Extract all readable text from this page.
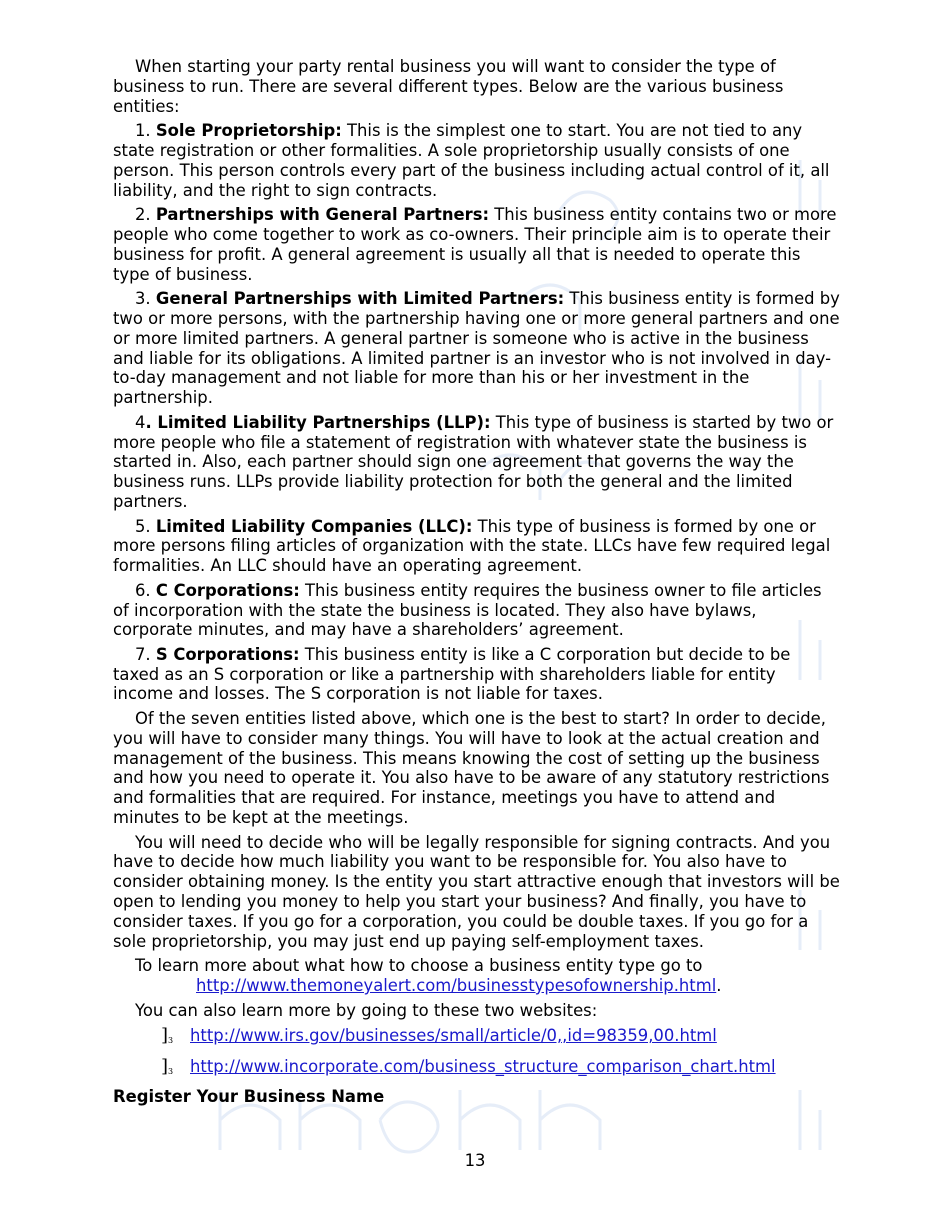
When starting your party rental business you will want to consider the type of business to run. There are several different types. Below are the various business entities:

1. Sole Proprietorship: This is the simplest one to start. You are not tied to any state registration or other formalities. A sole proprietorship usually consists of one person. This person controls every part of the business including actual control of it, all liability, and the right to sign contracts.

2. Partnerships with General Partners: This business entity contains two or more people who come together to work as co-owners. Their principle aim is to operate their business for profit. A general agreement is usually all that is needed to operate this type of business.

3. General Partnerships with Limited Partners: This business entity is formed by two or more persons, with the partnership having one or more general partners and one or more limited partners. A general partner is someone who is active in the business and liable for its obligations. A limited partner is an investor who is not involved in day-to-day management and not liable for more than his or her investment in the partnership.

4. Limited Liability Partnerships (LLP): This type of business is started by two or more people who file a statement of registration with whatever state the business is started in. Also, each partner should sign one agreement that governs the way the business runs. LLPs provide liability protection for both the general and the limited partners.

5. Limited Liability Companies (LLC): This type of business is formed by one or more persons filing articles of organization with the state. LLCs have few required legal formalities. An LLC should have an operating agreement.

6. C Corporations: This business entity requires the business owner to file articles of incorporation with the state the business is located. They also have bylaws, corporate minutes, and may have a shareholders’ agreement.

7. S Corporations: This business entity is like a C corporation but decide to be taxed as an S corporation or like a partnership with shareholders liable for entity income and losses. The S corporation is not liable for taxes.

Of the seven entities listed above, which one is the best to start? In order to decide, you will have to consider many things. You will have to look at the actual creation and management of the business. This means knowing the cost of setting up the business and how you need to operate it. You also have to be aware of any statutory restrictions and formalities that are required. For instance, meetings you have to attend and minutes to be kept at the meetings.

You will need to decide who will be legally responsible for signing contracts. And you have to decide how much liability you want to be responsible for. You also have to consider obtaining money. Is the entity you start attractive enough that investors will be open to lending you money to help you start your business? And finally, you have to consider taxes. If you go for a corporation, you could be double taxes. If you go for a sole proprietorship, you may just end up paying self-employment taxes.

To learn more about what how to choose a business entity type go to

http://www.themoneyalert.com/businesstypesofownership.html.

You can also learn more by going to these two websites:

]$_3$ http://www.irs.gov/businesses/small/article/0,,id=98359,00.html
]$_3$ http://www.incorporate.com/business_structure_comparison_chart.html

Register Your Business Name

13
